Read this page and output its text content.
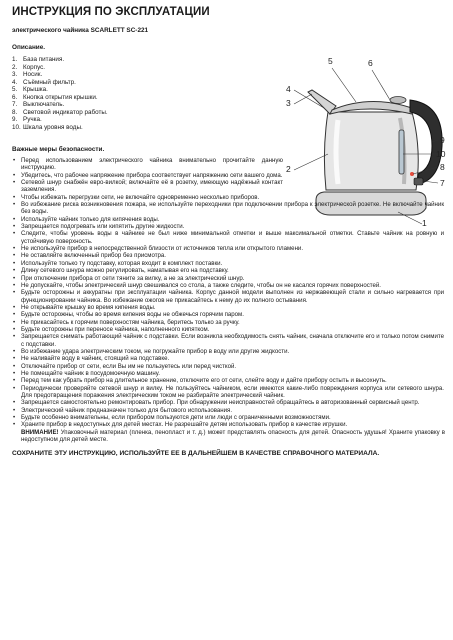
ИНСТРУКЦИЯ ПО ЭКСПЛУАТАЦИИ
электрического чайника SCARLETT SC-221
Описание.
1. База питания.
2. Корпус.
3. Носик.
4. Съёмный фильтр.
5. Крышка.
6. Кнопка открытия крышки.
7. Выключатель.
8. Световой индикатор работы.
9. Ручка.
10. Шкала уровня воды.
5	6
4
3
2
1
9
10
8
7
Важные меры безопасности.
• Перед использованием электрического чайника внимательно прочитайте данную инструкцию.
• Убедитесь, что рабочее напряжение прибора соответствует напряжению сети вашего дома.
• Сетевой шнур снабжён евро-вилкой; включайте её в розетку, имеющую надёжный контакт заземления.
• Чтобы избежать перегрузки сети, не включайте одновременно несколько приборов.
• Во избежание риска возникновения пожара, не используйте переходники при подключении прибора к электрической розетке. Не включайте чайник без воды.
• Используйте чайник только для кипячения воды.
• Запрещается подогревать или кипятить другие жидкости.
• Следите, чтобы уровень воды в чайнике не был ниже минимальной отметки и выше максимальной отметки. Ставьте чайник на ровную и устойчивую поверхность.
• Не используйте прибор в непосредственной близости от источников тепла или открытого пламени.
• Не оставляйте включенный прибор без присмотра.
• Используйте только ту подставку, которая входит в комплект поставки.
• Длину сетевого шнура можно регулировать, наматывая его на подставку.
• При отключении прибора от сети тяните за вилку, а не за электрический шнур.
• Не допускайте, чтобы электрический шнур свешивался со стола, а также следите, чтобы он не касался горячих поверхностей.
• Будьте осторожны и аккуратны при эксплуатации чайника. Корпус данной модели выполнен из нержавеющей стали и сильно нагревается при функционировании чайника. Во избежание ожогов не прикасайтесь к нему до их полного остывания.
• Не открывайте крышку во время кипения воды.
• Будьте осторожны, чтобы во время кипения воды не обжечься горячим паром.
• Не прикасайтесь к горячим поверхностям чайника, беритесь только за ручку.
• Будьте осторожны при переносе чайника, наполненного кипятком.
• Запрещается снимать работающий чайник с подставки. Если возникла необходимость снять чайник, сначала отключите его и только потом снимите с подставки.
• Во избежание удара электрическим током, не погружайте прибор в воду или другие жидкости.
• Не наливайте воду в чайник, стоящий на подставке.
• Отключайте прибор от сети, если Вы им не пользуетесь или перед чисткой.
• Не помещайте чайник в посудомоечную машину.
• Перед тем как убрать прибор на длительное хранение, отключите его от сети, слейте воду и дайте прибору остыть и высохнуть.
• Периодически проверяйте сетевой шнур и вилку. Не пользуйтесь чайником, если имеются какие-либо повреждения корпуса или сетевого шнура. Для предотвращения поражения электрическим током не разбирайте электрический чайник.
• Запрещается самостоятельно ремонтировать прибор. При обнаружении неисправностей обращайтесь в авторизованный сервисный центр.
• Электрический чайник предназначен только для бытового использования.
• Будьте особенно внимательны, если прибором пользуются дети или люди с ограниченными возможностями.
• Храните прибор в недоступных для детей местах. Не разрешайте детям использовать прибор в качестве игрушки.
ВНИМАНИЕ! Упаковочный материал (пленка, пенопласт и т. д.) может представлять опасность для детей. Опасность удушья! Храните упаковку в недоступном для детей месте.
СОХРАНИТЕ ЭТУ ИНСТРУКЦИЮ, ИСПОЛЬЗУЙТЕ ЕЕ В ДАЛЬНЕЙШЕМ В КАЧЕСТВЕ СПРАВОЧНОГО МАТЕРИАЛА.
